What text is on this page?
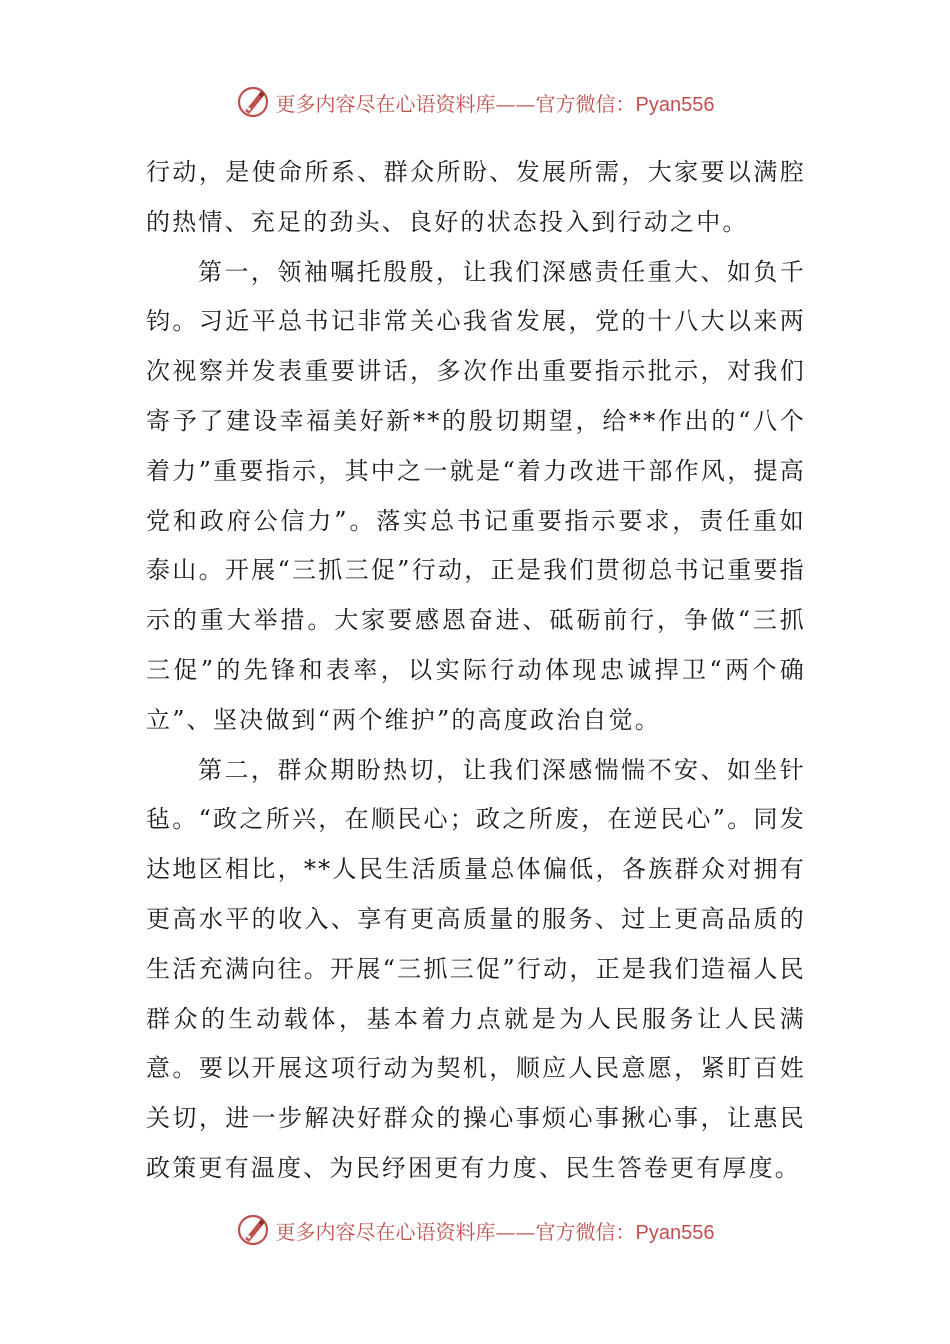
更多内容尽在心语资料库——官方微信：Pyan556

行动，是使命所系、群众所盼、发展所需，大家要以满腔的热情、充足的劲头、良好的状态投入到行动之中。

第一，领袖嘱托殷殷，让我们深感责任重大、如负千钧。习近平总书记非常关心我省发展，党的十八大以来两次视察并发表重要讲话，多次作出重要指示批示，对我们寄予了建设幸福美好新**的殷切期望，给**作出的“八个着力”重要指示，其中之一就是“着力改进干部作风，提高党和政府公信力”。落实总书记重要指示要求，责任重如泰山。开展“三抓三促”行动，正是我们贯彻总书记重要指示的重大举措。大家要感恩奋进、砥砺前行，争做“三抓三促”的先锋和表率，以实际行动体现忠诚捍卫“两个确立”、坚决做到“两个维护”的高度政治自觉。

第二，群众期盼热切，让我们深感惴惴不安、如坐针毡。“政之所兴，在顺民心；政之所废，在逆民心”。同发达地区相比，**人民生活质量总体偏低，各族群众对拥有更高水平的收入、享有更高质量的服务、过上更高品质的生活充满向往。开展“三抓三促”行动，正是我们造福人民群众的生动载体，基本着力点就是为人民服务让人民满意。要以开展这项行动为契机，顺应人民意愿，紧盯百姓关切，进一步解决好群众的操心事烦心事揪心事，让惠民政策更有温度、为民纾困更有力度、民生答卷更有厚度。

更多内容尽在心语资料库——官方微信：Pyan556
